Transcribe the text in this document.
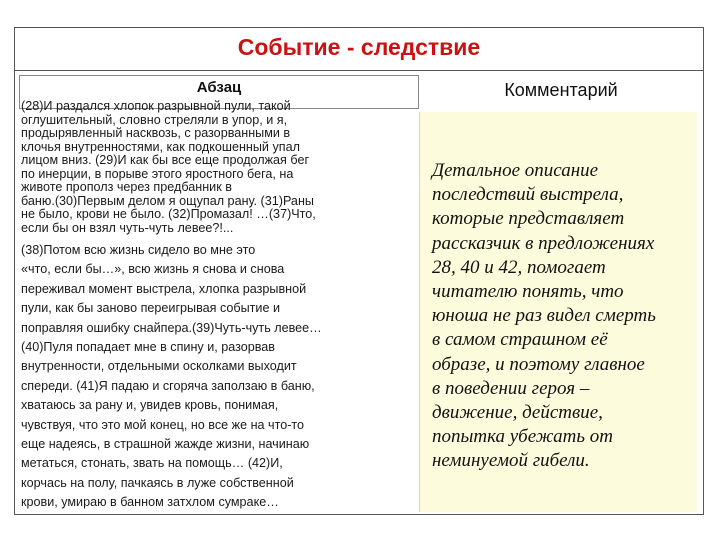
Событие - следствие
Абзац	Комментарий

(28)И раздался хлопок разрывной пули, такой
оглушительный, словно стреляли в упор, и я,
продырявленный насквозь, с разорванными в
клочья внутренностями, как подкошенный упал
лицом вниз. (29)И как бы все еще продолжая бег
по инерции, в порыве этого яростного бега, на
животе прополз через предбанник в
баню.(30)Первым делом я ощупал рану. (31)Раны
не было, крови не было. (32)Промазал! …(37)Что,
если бы он взял чуть-чуть левее?!...

(38)Потом всю жизнь сидело во мне это
«что, если бы…», всю жизнь я снова и снова
переживал момент выстрела, хлопка разрывной
пули, как бы заново переигрывая событие и
поправляя ошибку снайпера.(39)Чуть-чуть левее…
(40)Пуля попадает мне в спину и, разорвав
внутренности, отдельными осколками выходит
спереди. (41)Я падаю и сгоряча заползаю в баню,
хватаюсь за рану и, увидев кровь, понимая,
чувствуя, что это мой конец, но все же на что-то
еще надеясь, в страшной жажде жизни, начинаю
метаться, стонать, звать на помощь… (42)И,
корчась на полу, пачкаясь в луже собственной
крови, умираю в банном затхлом сумраке…

Детальное описание
последствий выстрела,
которые представляет
рассказчик в предложениях
28, 40 и 42, помогает
читателю понять, что
юноша не раз видел смерть
в самом страшном её
образе, и поэтому главное
в поведении героя –
движение, действие,
попытка убежать от
неминуемой гибели.
